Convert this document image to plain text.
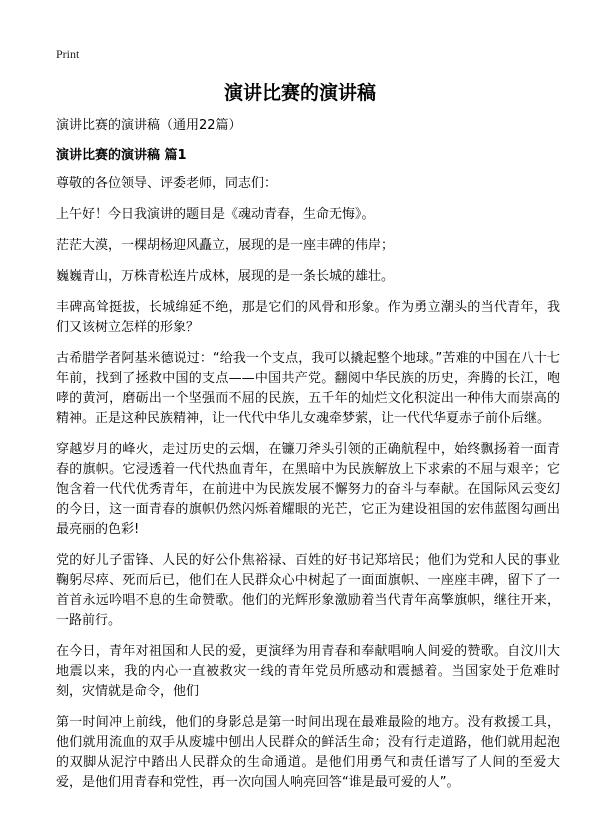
Print
演讲比赛的演讲稿
演讲比赛的演讲稿（通用22篇）
演讲比赛的演讲稿 篇1

尊敬的各位领导、评委老师，同志们：

上午好！今日我演讲的题目是《魂动青春，生命无悔》。

茫茫大漠，一棵胡杨迎风矗立，展现的是一座丰碑的伟岸；

巍巍青山，万株青松连片成林，展现的是一条长城的雄壮。

丰碑高耸挺拔，长城绵延不绝，那是它们的风骨和形象。作为勇立潮头的当代青年，我们又该树立怎样的形象？

古希腊学者阿基米德说过：“给我一个支点，我可以撬起整个地球。”苦难的中国在八十七年前，找到了拯救中国的支点——中国共产党。翻阅中华民族的历史，奔腾的长江，咆哮的黄河，磨砺出一个坚强而不屈的民族，五千年的灿烂文化积淀出一种伟大而崇高的精神。正是这种民族精神，让一代代中华儿女魂牵梦萦，让一代代华夏赤子前仆后继。

穿越岁月的峰火，走过历史的云烟，在镰刀斧头引领的正确航程中，始终飘扬着一面青春的旗帜。它浸透着一代代热血青年，在黑暗中为民族解放上下求索的不屈与艰辛；它饱含着一代代优秀青年，在前进中为民族发展不懈努力的奋斗与奉献。在国际风云变幻的今日，这一面青春的旗帜仍然闪烁着耀眼的光芒，它正为建设祖国的宏伟蓝图勾画出最亮丽的色彩!

党的好儿子雷锋、人民的好公仆焦裕禄、百姓的好书记郑培民；他们为党和人民的事业鞠躬尽瘁、死而后已，他们在人民群众心中树起了一面面旗帜、一座座丰碑，留下了一首首永远吟唱不息的生命赞歌。他们的光辉形象激励着当代青年高擎旗帜，继往开来，一路前行。

在今日，青年对祖国和人民的爱，更演绎为用青春和奉献唱响人间爱的赞歌。自汶川大地震以来，我的内心一直被救灾一线的青年党员所感动和震撼着。当国家处于危难时刻，灾情就是命令，他们

第一时间冲上前线，他们的身影总是第一时间出现在最难最险的地方。没有救援工具，他们就用流血的双手从废墟中刨出人民群众的鲜活生命；没有行走道路，他们就用起泡的双脚从泥泞中踏出人民群众的生命通道。是他们用勇气和责任谱写了人间的至爱大爱，是他们用青春和党性，再一次向国人响亮回答“谁是最可爱的人”。
